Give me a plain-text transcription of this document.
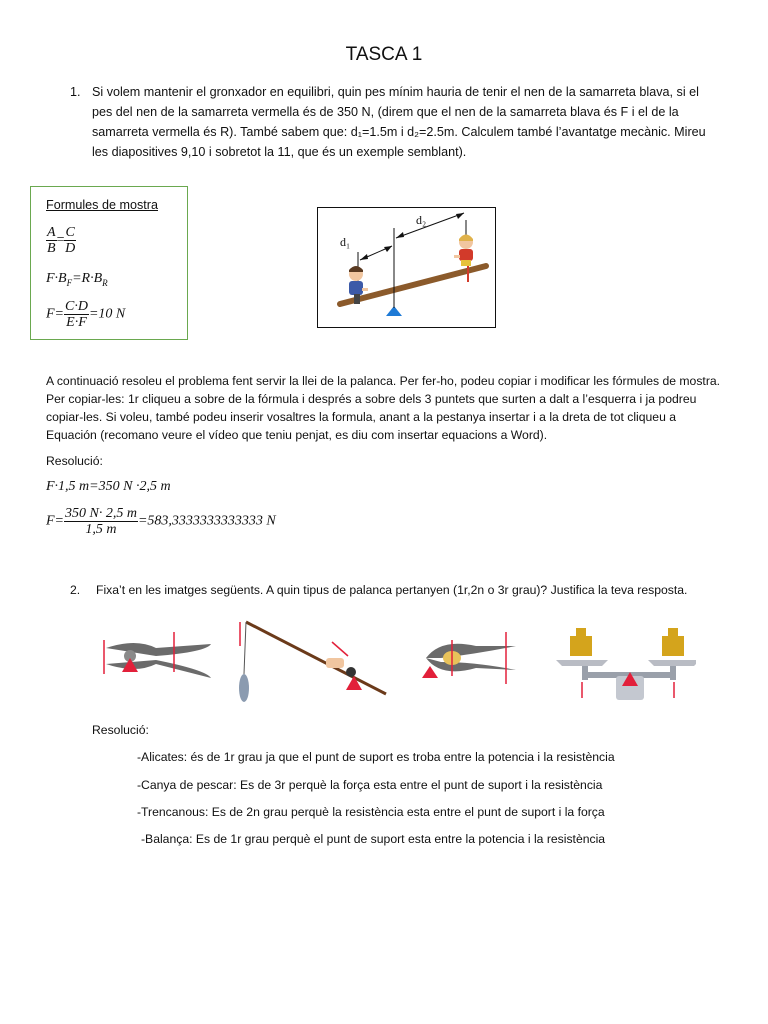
TASCA 1
1. Si volem mantenir el gronxador en equilibri, quin pes mínim hauria de tenir el nen de la samarreta blava, si el pes del nen de la samarreta vermella és de 350 N, (direm que el nen de la samarreta blava és F i el de la samarreta vermella és R). També sabem que: d₁=1.5m i d₂=2.5m. Calculem també l’avantatge mecànic. Mireu les diapositives 9,10 i sobretot la 11, que és un exemple semblant).
Formules de mostra
$\frac{A}{B} = \frac{C}{D}$
$F\cdot B_F=R\cdot B_R$
$F= \frac{C\cdot D}{E\cdot F} =10$ N
d₁
d₂
A continuació resoleu el problema fent servir la llei de la palanca. Per fer-ho, podeu copiar i modificar les fórmules de mostra. Per copiar-les: 1r cliqueu a sobre de la fórmula i després a sobre dels 3 puntets que surten a dalt a l’esquerra i ja podreu copiar-les. Si voleu, també podeu inserir vosaltres la formula, anant a la pestanya insertar i a la dreta de tot cliqueu a Equación (recomano veure el vídeo que teniu penjat, es diu com insertar equacions a Word).
Resolució:
F·1,5 m=350 N ·2,5 m
$F= \frac{350 N\cdot 2,5 m}{1,5 m} =583,3333333333333$ N
2. Fixa’t en les imatges següents. A quin tipus de palanca pertanyen (1r,2n o 3r grau)? Justifica la teva resposta.
Resolució:
-Alicates: és de 1r grau ja que el punt de suport es troba entre la potencia i la resistència
-Canya de pescar: Es de 3r perquè la força esta entre el punt de suport i la resistència
-Trencanous: Es de 2n grau perquè la resistència esta entre el punt de suport i la força
-Balança: Es de 1r grau perquè el punt de suport esta entre la potencia i la resistència
